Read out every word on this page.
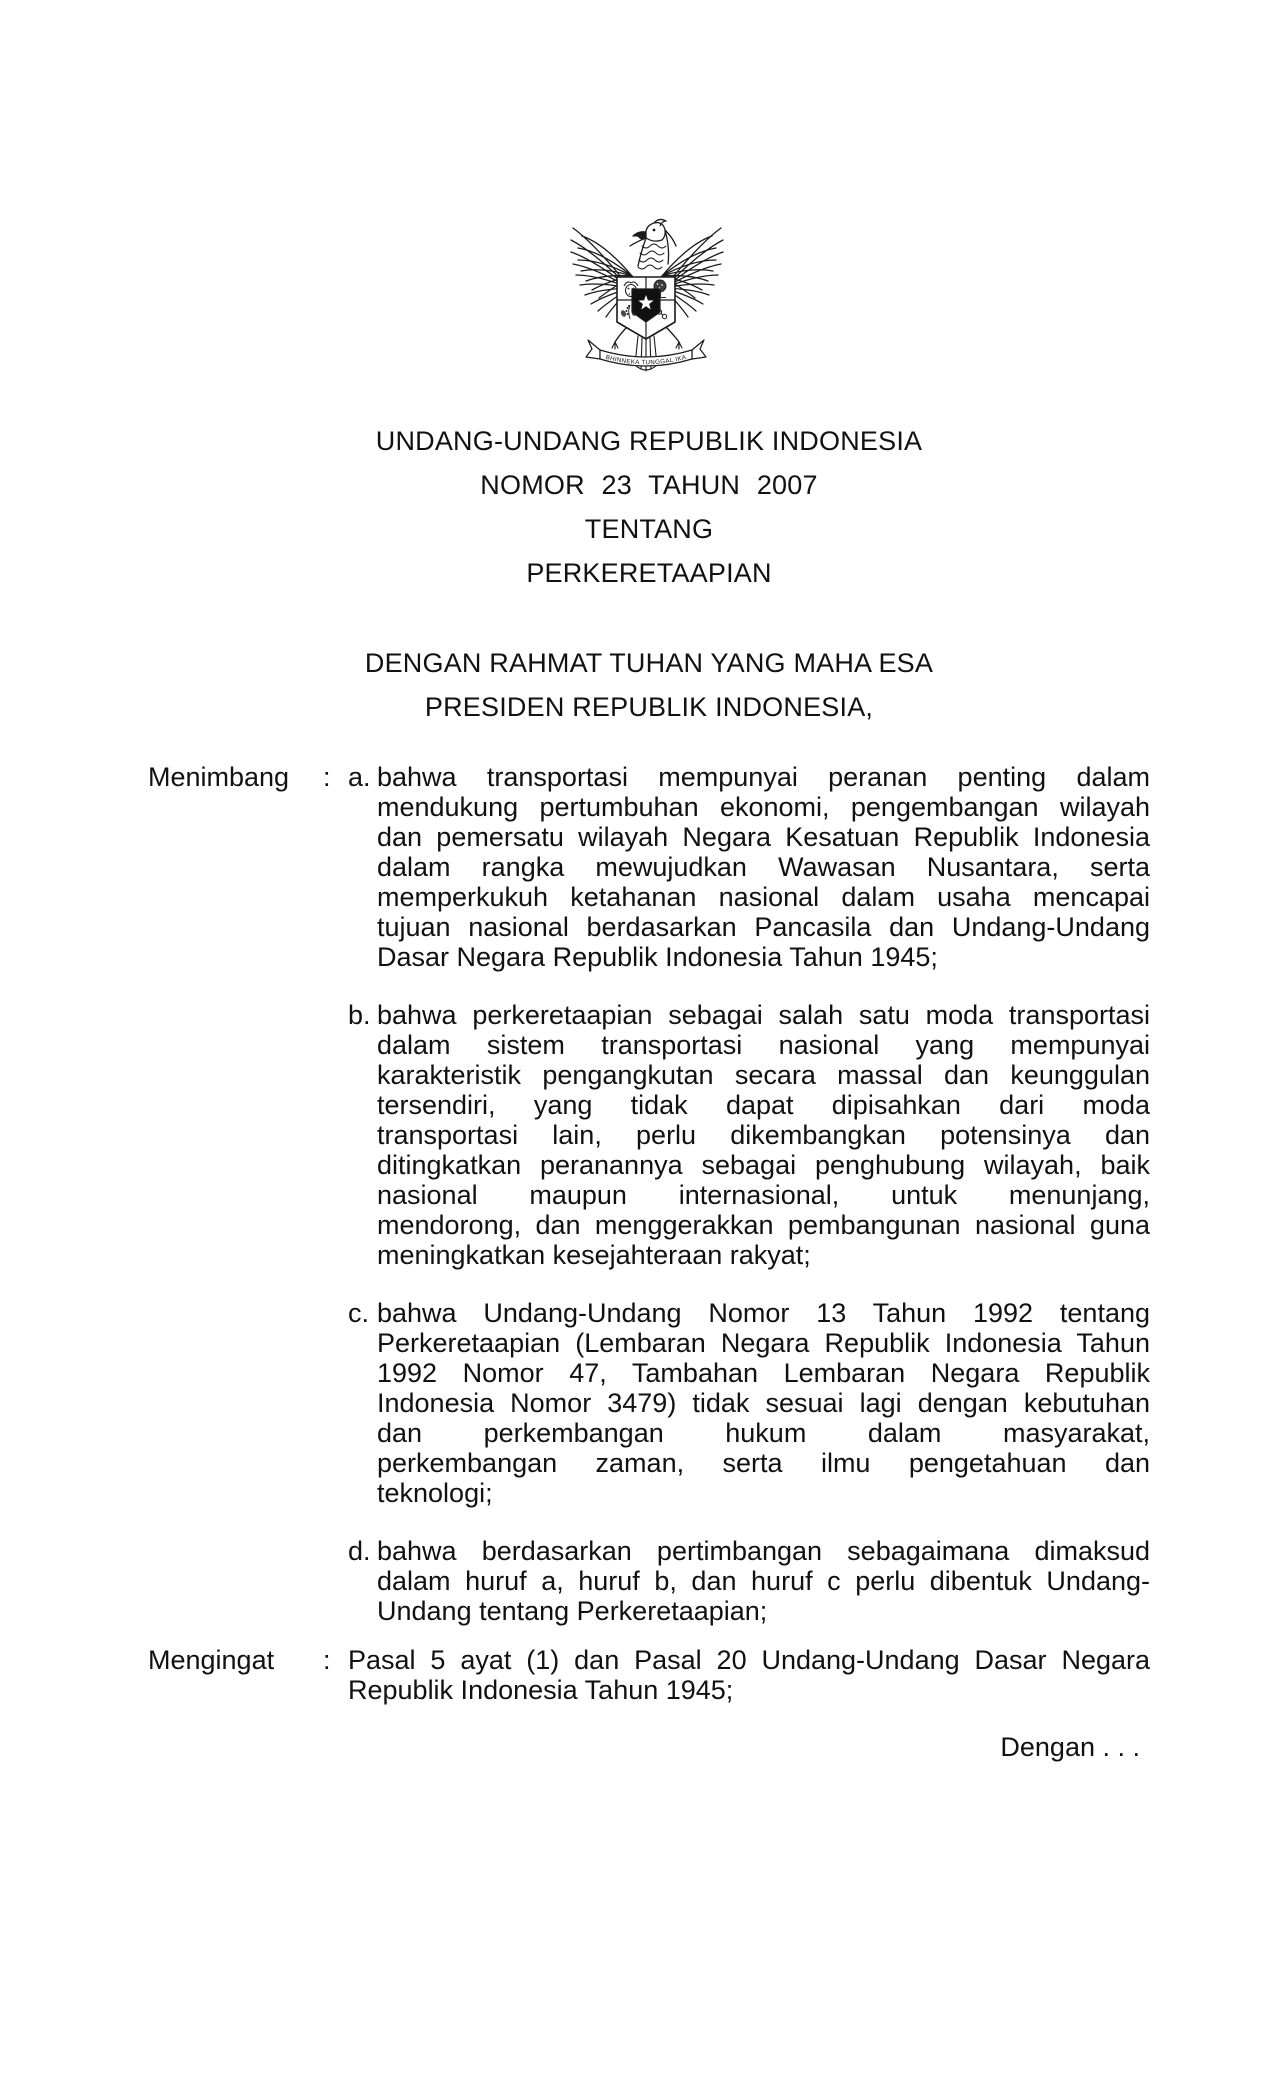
BHINNEKA TUNGGAL IKA
UNDANG-UNDANG REPUBLIK INDONESIA
NOMOR 23 TAHUN 2007
TENTANG
PERKERETAAPIAN
DENGAN RAHMAT TUHAN YANG MAHA ESA
PRESIDEN REPUBLIK INDONESIA,
Menimbang	: a. bahwa transportasi mempunyai peranan penting dalam
mendukung pertumbuhan ekonomi, pengembangan wilayah
dan pemersatu wilayah Negara Kesatuan Republik Indonesia
dalam rangka mewujudkan Wawasan Nusantara, serta
memperkukuh ketahanan nasional dalam usaha mencapai
tujuan nasional berdasarkan Pancasila dan Undang-Undang
Dasar Negara Republik Indonesia Tahun 1945;
b. bahwa perkeretaapian sebagai salah satu moda transportasi
dalam sistem transportasi nasional yang mempunyai
karakteristik pengangkutan secara massal dan keunggulan
tersendiri, yang tidak dapat dipisahkan dari moda
transportasi lain, perlu dikembangkan potensinya dan
ditingkatkan peranannya sebagai penghubung wilayah, baik
nasional maupun internasional, untuk menunjang,
mendorong, dan menggerakkan pembangunan nasional guna
meningkatkan kesejahteraan rakyat;
c. bahwa Undang-Undang Nomor 13 Tahun 1992 tentang
Perkeretaapian (Lembaran Negara Republik Indonesia Tahun
1992 Nomor 47, Tambahan Lembaran Negara Republik
Indonesia Nomor 3479) tidak sesuai lagi dengan kebutuhan
dan perkembangan hukum dalam masyarakat,
perkembangan zaman, serta ilmu pengetahuan dan
teknologi;
d. bahwa berdasarkan pertimbangan sebagaimana dimaksud
dalam huruf a, huruf b, dan huruf c perlu dibentuk Undang-
Undang tentang Perkeretaapian;
Mengingat	: Pasal 5 ayat (1) dan Pasal 20 Undang-Undang Dasar Negara
Republik Indonesia Tahun 1945;
Dengan . . .
